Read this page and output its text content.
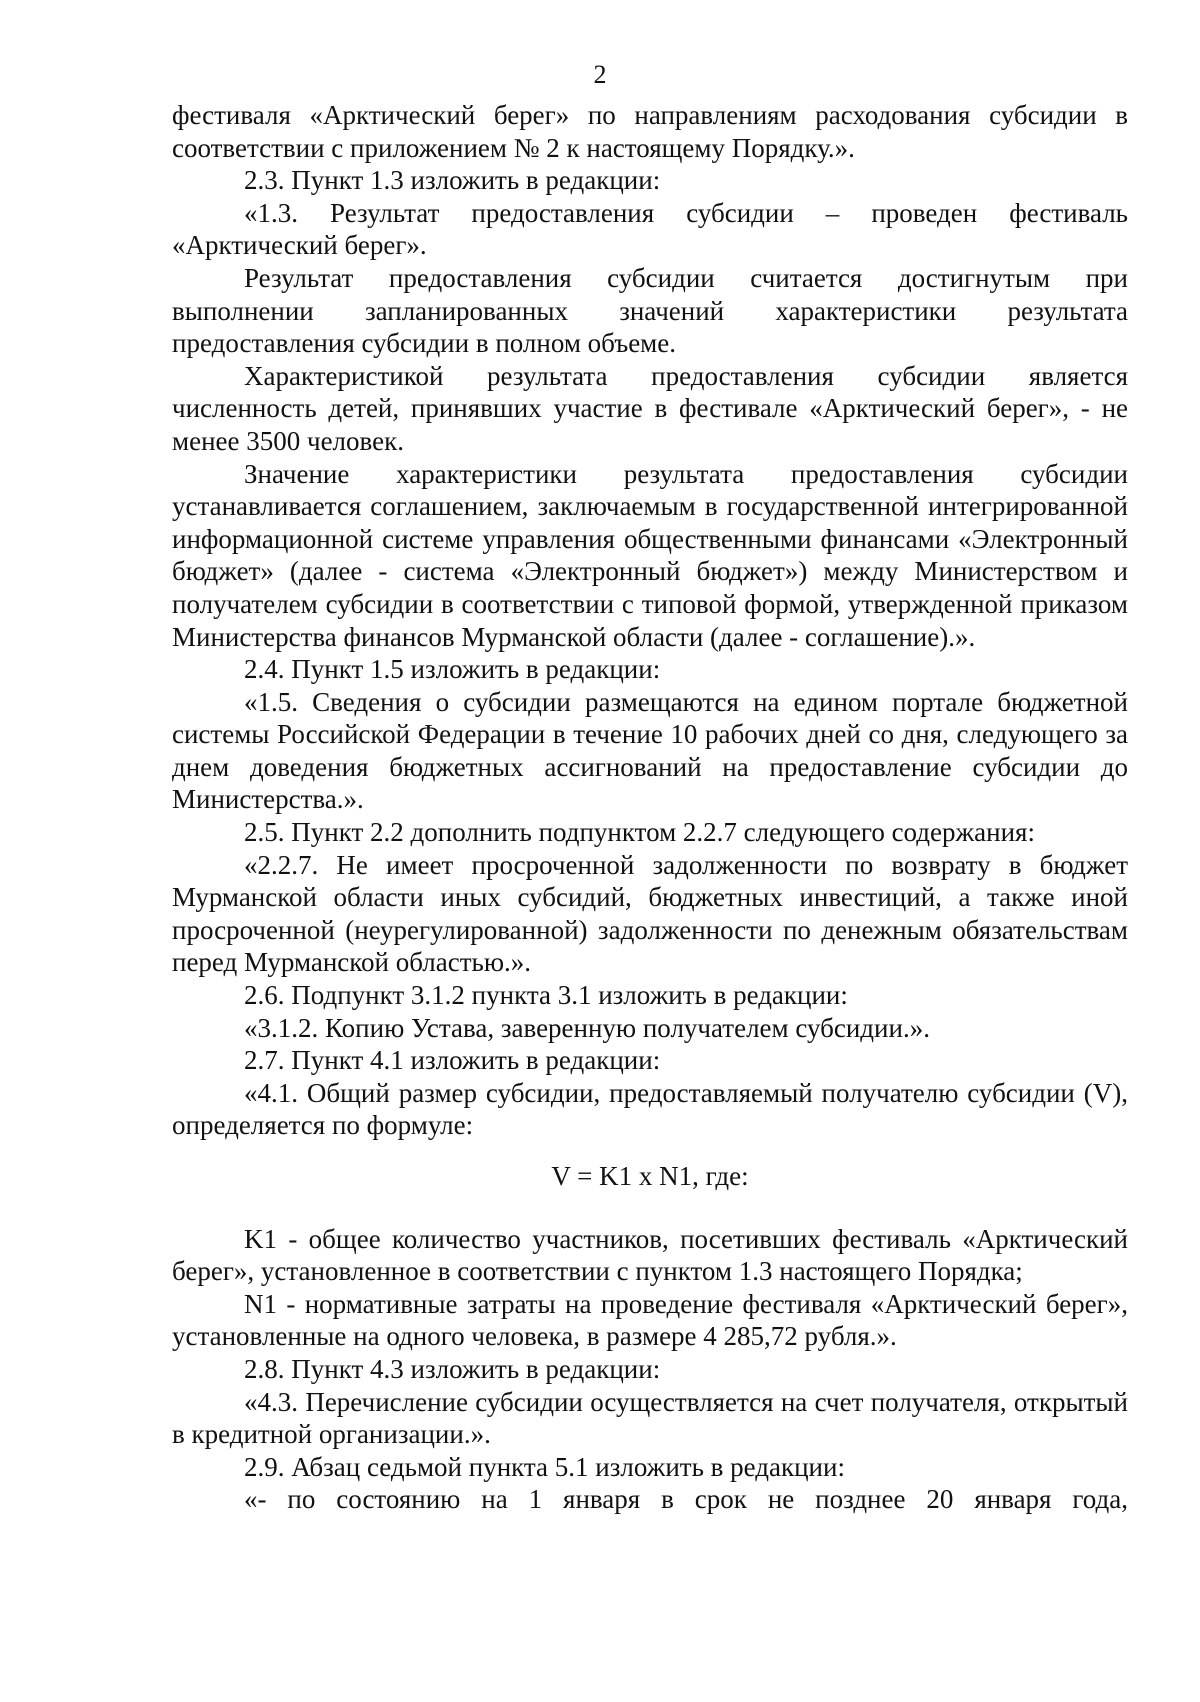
2

фестиваля «Арктический берег» по направлениям расходования субсидии в соответствии с приложением № 2 к настоящему Порядку.».

2.3. Пункт 1.3 изложить в редакции:

«1.3. Результат предоставления субсидии – проведен фестиваль «Арктический берег».

Результат предоставления субсидии считается достигнутым при выполнении запланированных значений характеристики результата предоставления субсидии в полном объеме.

Характеристикой результата предоставления субсидии является численность детей, принявших участие в фестивале «Арктический берег», - не менее 3500 человек.

Значение характеристики результата предоставления субсидии устанавливается соглашением, заключаемым в государственной интегрированной информационной системе управления общественными финансами «Электронный бюджет» (далее - система «Электронный бюджет») между Министерством и получателем субсидии в соответствии с типовой формой, утвержденной приказом Министерства финансов Мурманской области (далее - соглашение).».

2.4. Пункт 1.5 изложить в редакции:

«1.5. Сведения о субсидии размещаются на едином портале бюджетной системы Российской Федерации в течение 10 рабочих дней со дня, следующего за днем доведения бюджетных ассигнований на предоставление субсидии до Министерства.».

2.5. Пункт 2.2 дополнить подпунктом 2.2.7 следующего содержания:

«2.2.7. Не имеет просроченной задолженности по возврату в бюджет Мурманской области иных субсидий, бюджетных инвестиций, а также иной просроченной (неурегулированной) задолженности по денежным обязательствам перед Мурманской областью.».

2.6. Подпункт 3.1.2 пункта 3.1 изложить в редакции:

«3.1.2. Копию Устава, заверенную получателем субсидии.».

2.7. Пункт 4.1 изложить в редакции:

«4.1. Общий размер субсидии, предоставляемый получателю субсидии (V), определяется по формуле:

V = K1 x N1, где:

K1 - общее количество участников, посетивших фестиваль «Арктический берег», установленное в соответствии с пунктом 1.3 настоящего Порядка;

N1 - нормативные затраты на проведение фестиваля «Арктический берег», установленные на одного человека, в размере 4 285,72 рубля.».

2.8. Пункт 4.3 изложить в редакции:

«4.3. Перечисление субсидии осуществляется на счет получателя, открытый в кредитной организации.».

2.9. Абзац седьмой пункта 5.1 изложить в редакции:

«- по состоянию на 1 января в срок не позднее 20 января года,
